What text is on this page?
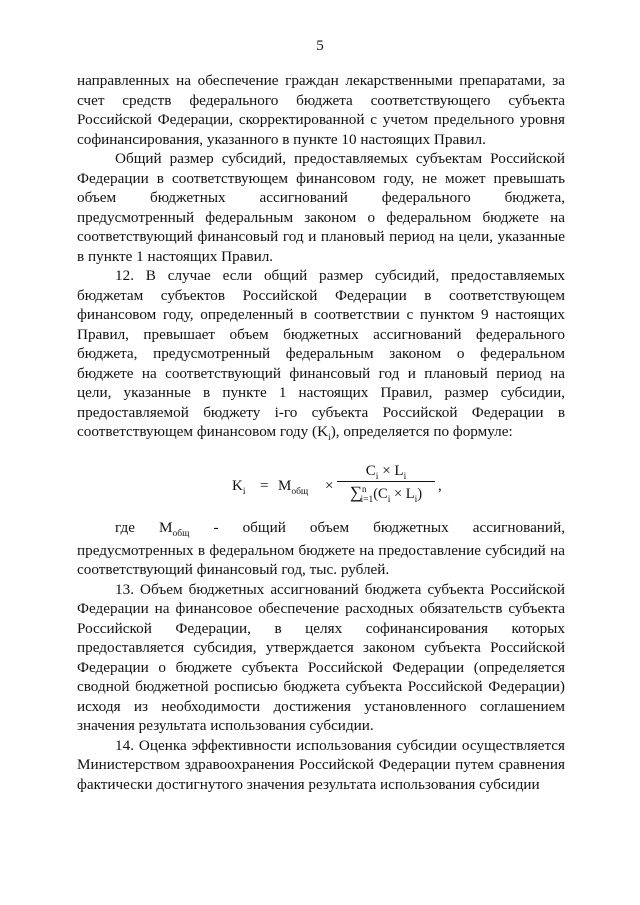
5

направленных на обеспечение граждан лекарственными препаратами, за счет средств федерального бюджета соответствующего субъекта Российской Федерации, скорректированной с учетом предельного уровня софинансирования, указанного в пункте 10 настоящих Правил.

Общий размер субсидий, предоставляемых субъектам Российской Федерации в соответствующем финансовом году, не может превышать объем бюджетных ассигнований федерального бюджета, предусмотренный федеральным законом о федеральном бюджете на соответствующий финансовый год и плановый период на цели, указанные в пункте 1 настоящих Правил.

12. В случае если общий размер субсидий, предоставляемых бюджетам субъектов Российской Федерации в соответствующем финансовом году, определенный в соответствии с пунктом 9 настоящих Правил, превышает объем бюджетных ассигнований федерального бюджета, предусмотренный федеральным законом о федеральном бюджете на соответствующий финансовый год и плановый период на цели, указанные в пункте 1 настоящих Правил, размер субсидии, предоставляемой бюджету i-го субъекта Российской Федерации в соответствующем финансовом году $(K_i)$, определяется по формуле:

$K_i = M_{общ}$ ×
$C_i \times L_i$
$\sum^n_{i=1}(C_i \times L_i)$	,
где $M_{общ}$ - общий объем бюджетных ассигнований,

предусмотренных в федеральном бюджете на предоставление субсидий на соответствующий финансовый год, тыс. рублей.

13. Объем бюджетных ассигнований бюджета субъекта Российской Федерации на финансовое обеспечение расходных обязательств субъекта Российской Федерации, в целях софинансирования которых предоставляется субсидия, утверждается законом субъекта Российской Федерации о бюджете субъекта Российской Федерации (определяется сводной бюджетной росписью бюджета субъекта Российской Федерации) исходя из необходимости достижения установленного соглашением значения результата использования субсидии.

14. Оценка эффективности использования субсидии осуществляется Министерством здравоохранения Российской Федерации путем сравнения фактически достигнутого значения результата использования субсидии
